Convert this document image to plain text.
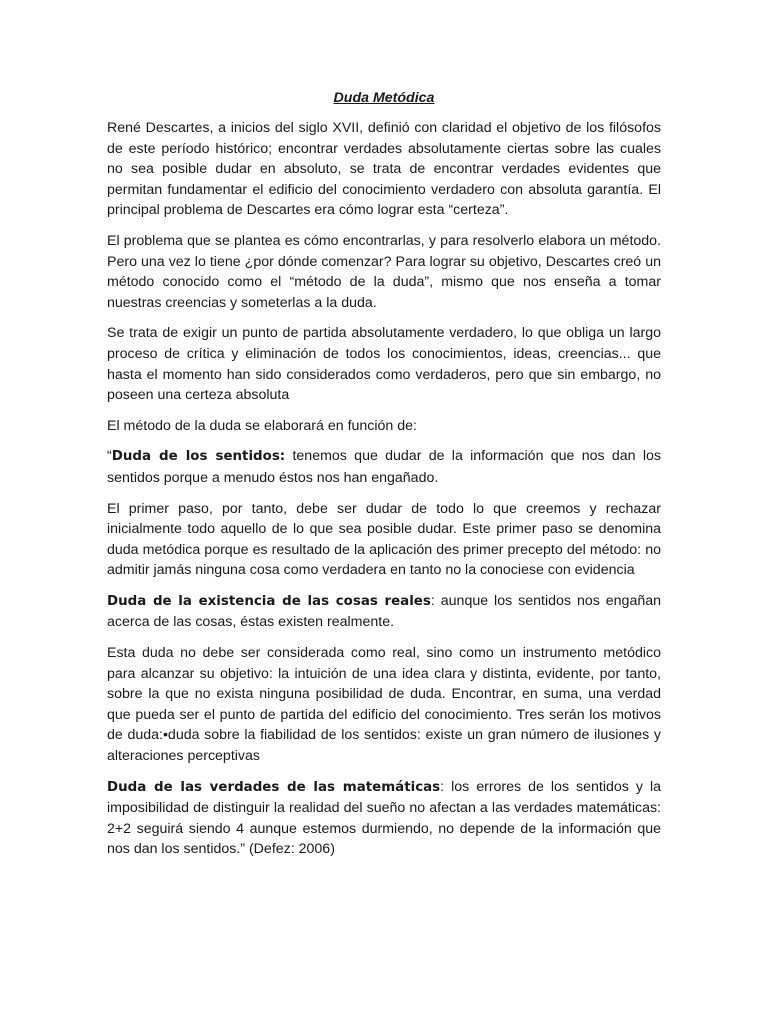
Duda Metódica

René Descartes, a inicios del siglo XVII, definió con claridad el objetivo de los filósofos de este período histórico; encontrar verdades absolutamente ciertas sobre las cuales no sea posible dudar en absoluto, se trata de encontrar verdades evidentes que permitan fundamentar el edificio del conocimiento verdadero con absoluta garantía. El principal problema de Descartes era cómo lograr esta “certeza”.

El problema que se plantea es cómo encontrarlas, y para resolverlo elabora un método. Pero una vez lo tiene ¿por dónde comenzar? Para lograr su objetivo, Descartes creó un método conocido como el “método de la duda”, mismo que nos enseña a tomar nuestras creencias y someterlas a la duda.

Se trata de exigir un punto de partida absolutamente verdadero, lo que obliga un largo proceso de crítica y eliminación de todos los conocimientos, ideas, creencias... que hasta el momento han sido considerados como verdaderos, pero que sin embargo, no poseen una certeza absoluta

El método de la duda se elaborará en función de:

“Duda de los sentidos: tenemos que dudar de la información que nos dan los sentidos porque a menudo éstos nos han engañado.

El primer paso, por tanto, debe ser dudar de todo lo que creemos y rechazar inicialmente todo aquello de lo que sea posible dudar. Este primer paso se denomina duda metódica porque es resultado de la aplicación des primer precepto del método: no admitir jamás ninguna cosa como verdadera en tanto no la conociese con evidencia

Duda de la existencia de las cosas reales: aunque los sentidos nos engañan acerca de las cosas, éstas existen realmente.

Esta duda no debe ser considerada como real, sino como un instrumento metódico para alcanzar su objetivo: la intuición de una idea clara y distinta, evidente, por tanto, sobre la que no exista ninguna posibilidad de duda. Encontrar, en suma, una verdad que pueda ser el punto de partida del edificio del conocimiento. Tres serán los motivos de duda:•duda sobre la fiabilidad de los sentidos: existe un gran número de ilusiones y alteraciones perceptivas

Duda de las verdades de las matemáticas: los errores de los sentidos y la imposibilidad de distinguir la realidad del sueño no afectan a las verdades matemáticas: 2+2 seguirá siendo 4 aunque estemos durmiendo, no depende de la información que nos dan los sentidos.” (Defez: 2006)
